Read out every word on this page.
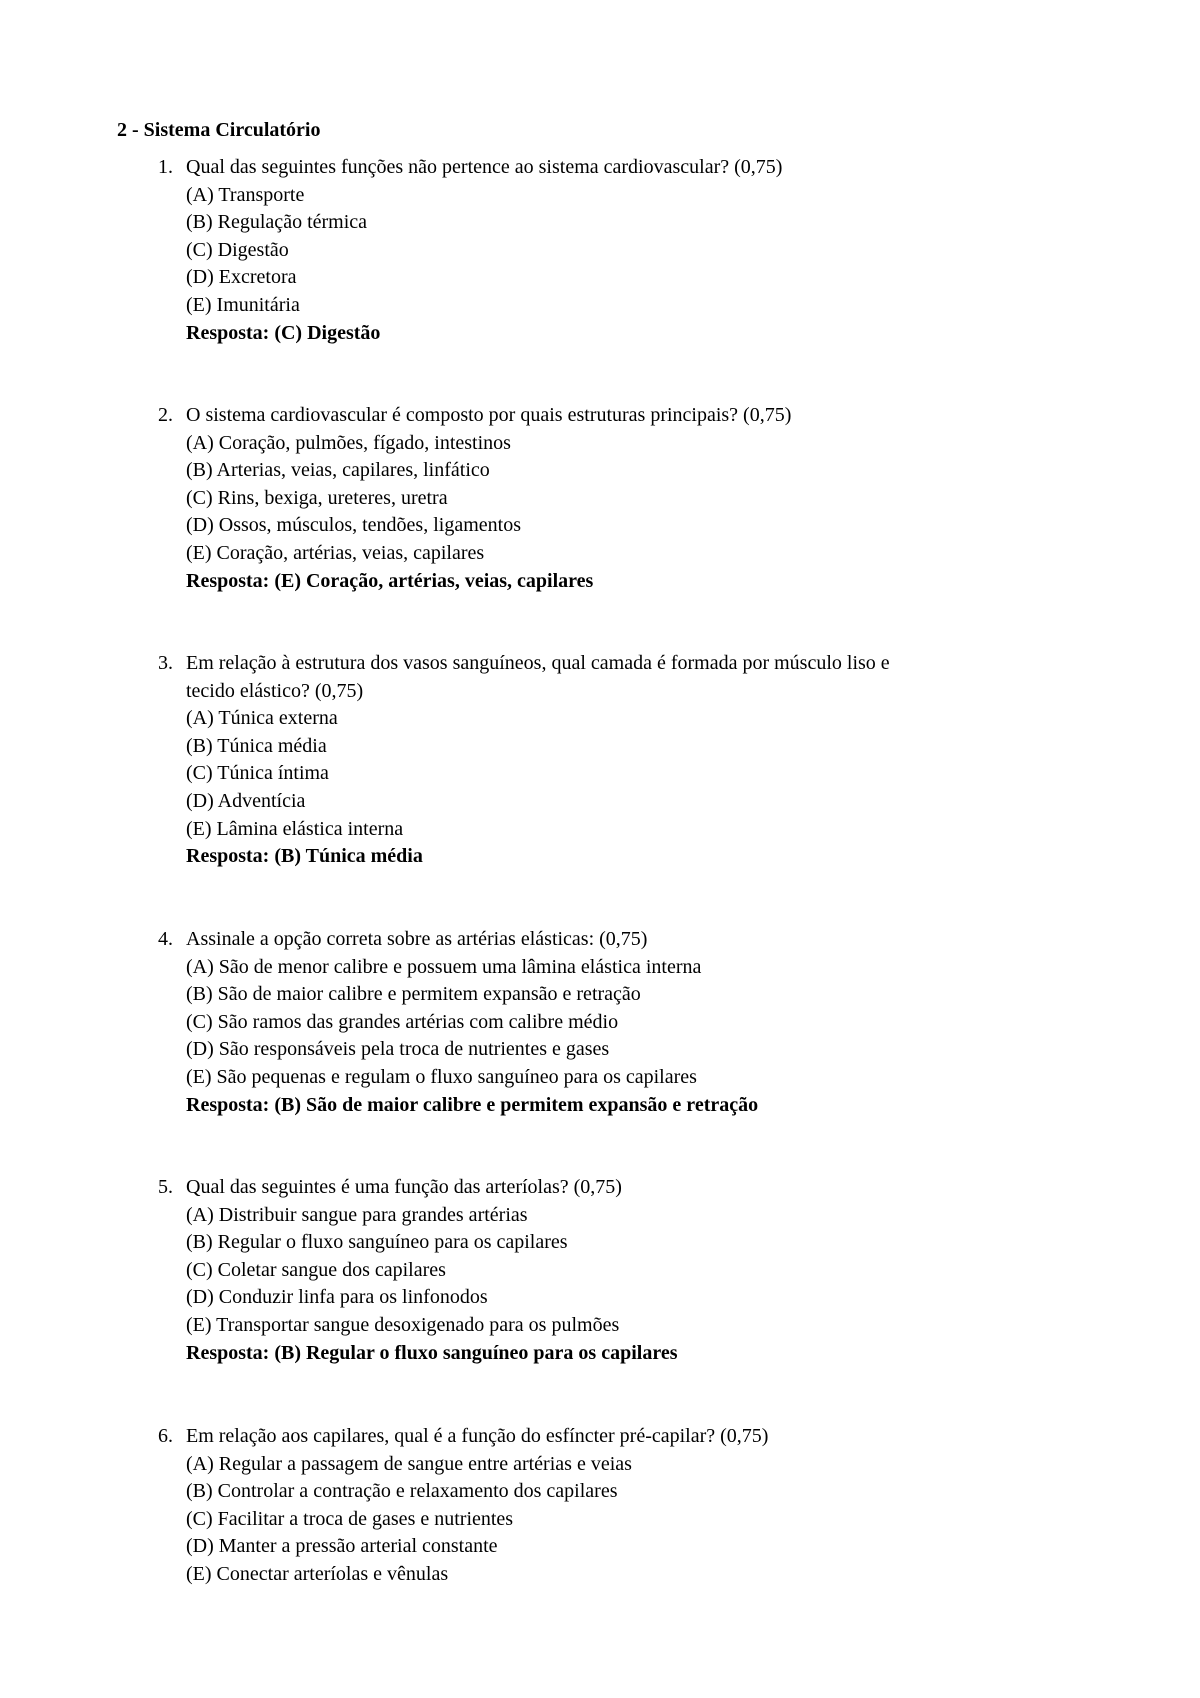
2 - Sistema Circulatório
1. Qual das seguintes funções não pertence ao sistema cardiovascular? (0,75)
(A) Transporte
(B) Regulação térmica
(C) Digestão
(D) Excretora
(E) Imunitária
Resposta: (C) Digestão
2. O sistema cardiovascular é composto por quais estruturas principais? (0,75)
(A) Coração, pulmões, fígado, intestinos
(B) Arterias, veias, capilares, linfático
(C) Rins, bexiga, ureteres, uretra
(D) Ossos, músculos, tendões, ligamentos
(E) Coração, artérias, veias, capilares
Resposta: (E) Coração, artérias, veias, capilares
3. Em relação à estrutura dos vasos sanguíneos, qual camada é formada por músculo liso e
tecido elástico? (0,75)
(A) Túnica externa
(B) Túnica média
(C) Túnica íntima
(D) Adventícia
(E) Lâmina elástica interna
Resposta: (B) Túnica média
4. Assinale a opção correta sobre as artérias elásticas: (0,75)
(A) São de menor calibre e possuem uma lâmina elástica interna
(B) São de maior calibre e permitem expansão e retração
(C) São ramos das grandes artérias com calibre médio
(D) São responsáveis pela troca de nutrientes e gases
(E) São pequenas e regulam o fluxo sanguíneo para os capilares
Resposta: (B) São de maior calibre e permitem expansão e retração
5. Qual das seguintes é uma função das arteríolas? (0,75)
(A) Distribuir sangue para grandes artérias
(B) Regular o fluxo sanguíneo para os capilares
(C) Coletar sangue dos capilares
(D) Conduzir linfa para os linfonodos
(E) Transportar sangue desoxigenado para os pulmões
Resposta: (B) Regular o fluxo sanguíneo para os capilares
6. Em relação aos capilares, qual é a função do esfíncter pré-capilar? (0,75)
(A) Regular a passagem de sangue entre artérias e veias
(B) Controlar a contração e relaxamento dos capilares
(C) Facilitar a troca de gases e nutrientes
(D) Manter a pressão arterial constante
(E) Conectar arteríolas e vênulas
